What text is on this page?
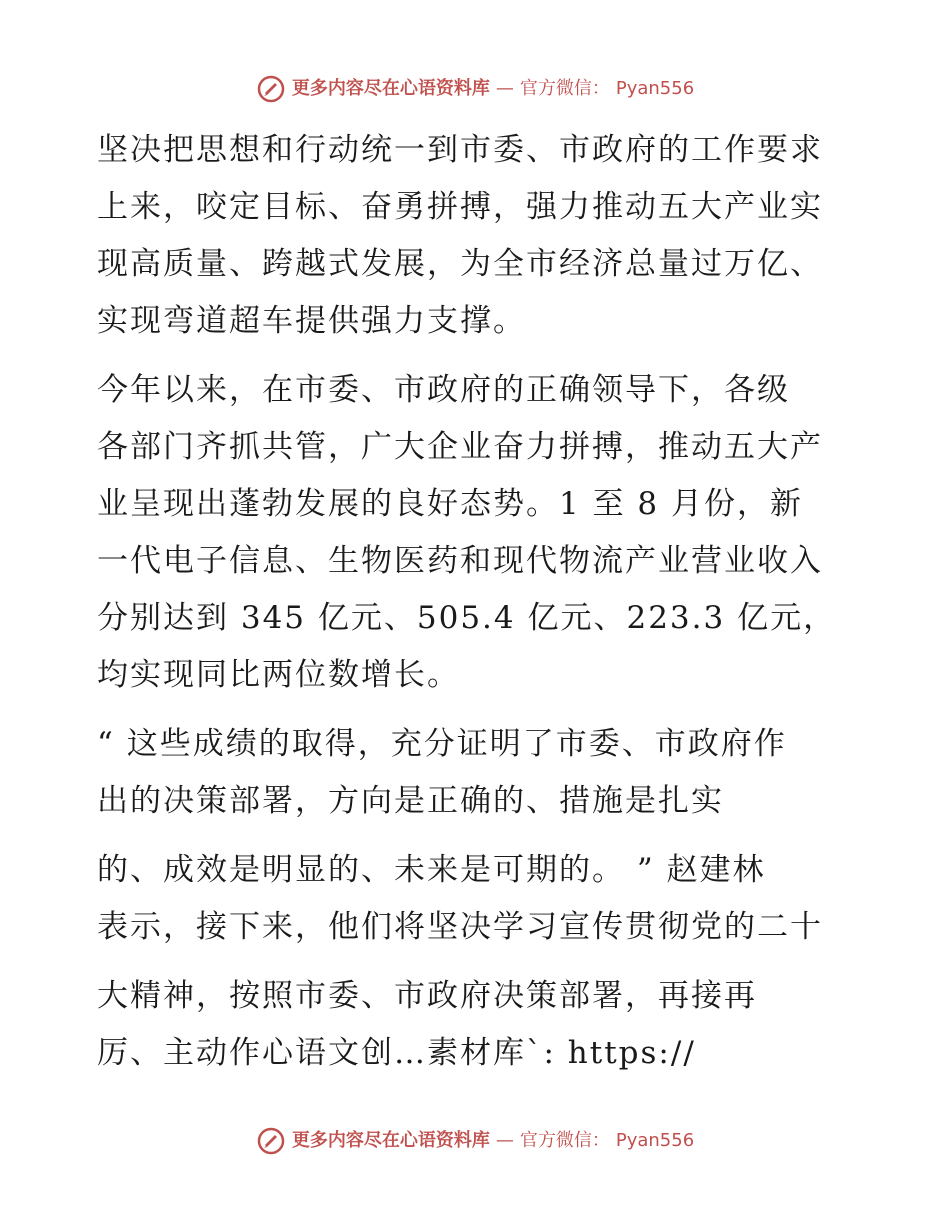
更多内容尽在心语资料库 — 官方微信： Pyan556
坚决把思想和行动统一到市委、市政府的工作要求
上来，咬定目标、奋勇拼搏，强力推动五大产业实
现高质量、跨越式发展，为全市经济总量过万亿、
实现弯道超车提供强力支撑。
今年以来，在市委、市政府的正确领导下，各级
各部门齐抓共管，广大企业奋力拼搏，推动五大产
业呈现出蓬勃发展的良好态势。1 至 8 月份，新
一代电子信息、生物医药和现代物流产业营业收入
分别达到 345 亿元、505.4 亿元、223.3 亿元，
均实现同比两位数增长。
“ 这些成绩的取得，充分证明了市委、市政府作
出的决策部署，方向是正确的、措施是扎实
的、成效是明显的、未来是可期的。 ” 赵建林
表示，接下来，他们将坚决学习宣传贯彻党的二十
大精神，按照市委、市政府决策部署，再接再
厉、主动作心语文创…素材库`: https://
更多内容尽在心语资料库 — 官方微信： Pyan556
